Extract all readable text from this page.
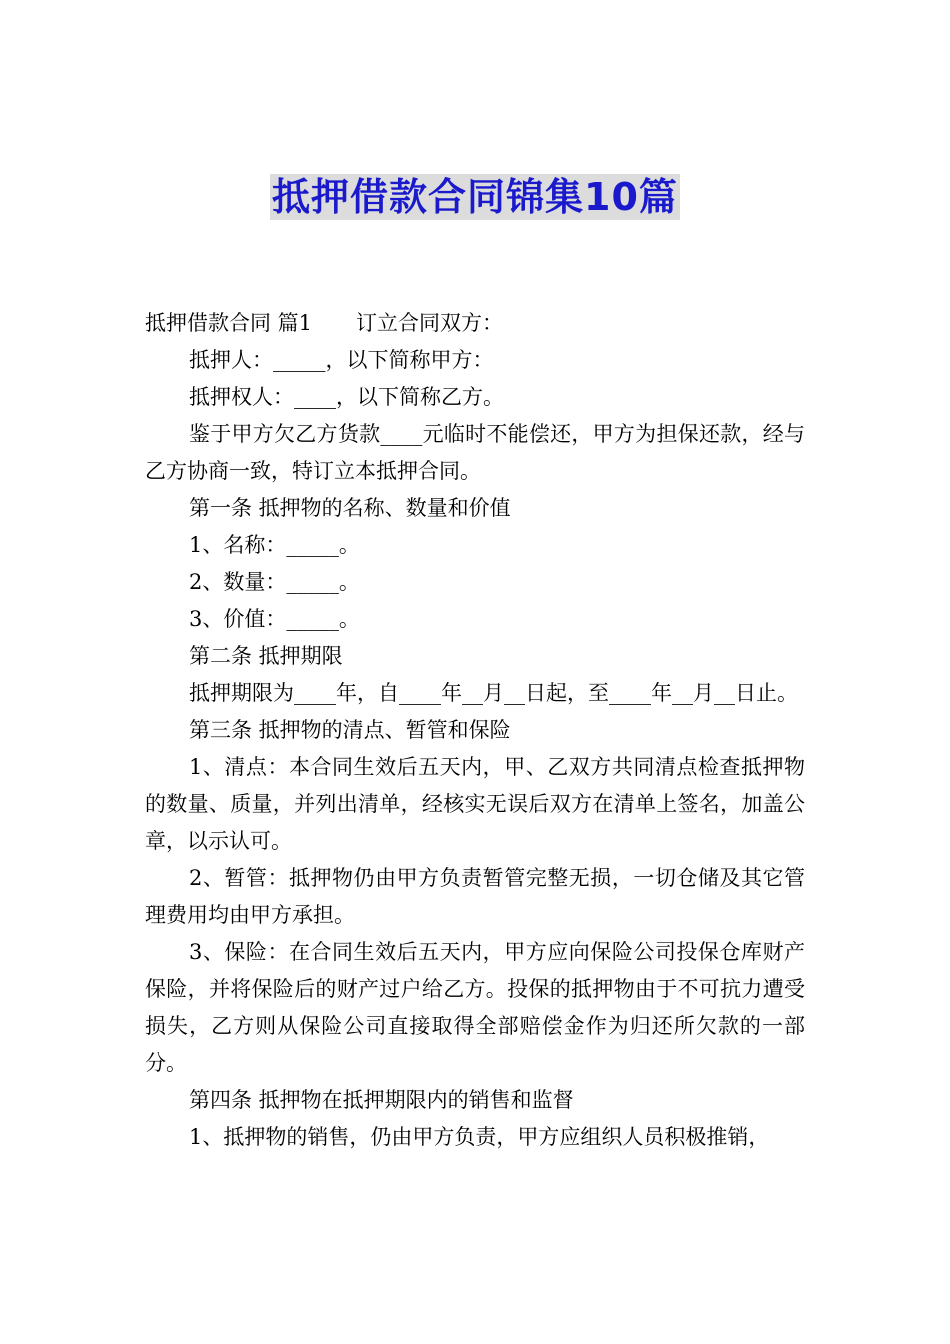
抵押借款合同锦集10篇

抵押借款合同 篇1 订立合同双方：

抵押人：_____，以下简称甲方：

抵押权人：____，以下简称乙方。

鉴于甲方欠乙方货款____元临时不能偿还，甲方为担保还款，经与乙方协商一致，特订立本抵押合同。

第一条 抵押物的名称、数量和价值

1、名称：_____。

2、数量：_____。

3、价值：_____。

第二条 抵押期限

抵押期限为____年，自____年__月__日起，至____年__月__日止。

第三条 抵押物的清点、暂管和保险

1、清点：本合同生效后五天内，甲、乙双方共同清点检查抵押物的数量、质量，并列出清单，经核实无误后双方在清单上签名，加盖公章，以示认可。

2、暂管：抵押物仍由甲方负责暂管完整无损，一切仓储及其它管理费用均由甲方承担。

3、保险：在合同生效后五天内，甲方应向保险公司投保仓库财产保险，并将保险后的财产过户给乙方。投保的抵押物由于不可抗力遭受损失，乙方则从保险公司直接取得全部赔偿金作为归还所欠款的一部分。

第四条 抵押物在抵押期限内的销售和监督

1、抵押物的销售，仍由甲方负责，甲方应组织人员积极推销，
